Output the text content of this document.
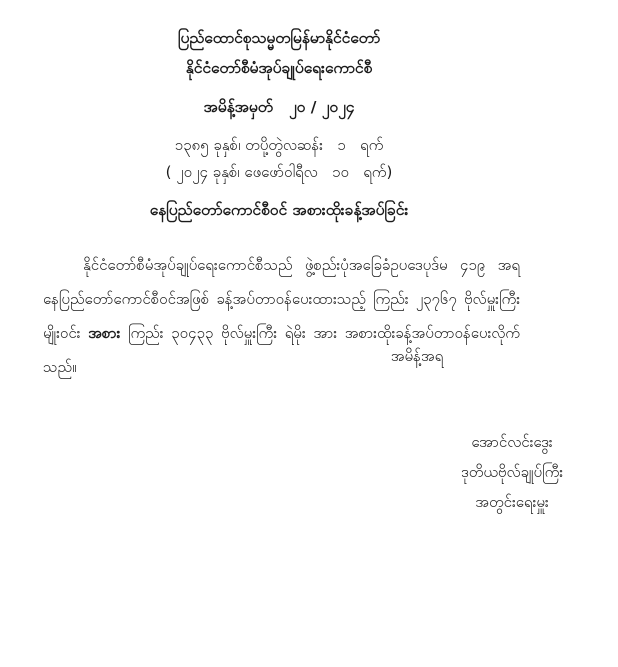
ပြည်ထောင်စုသမ္မတမြန်မာနိုင်ငံတော်
နိုင်ငံတော်စီမံအုပ်ချုပ်ရေးကောင်စီ
အမိန့်အမှတ်   ၂၀ / ၂၀၂၄
၁၃၈၅ ခုနှစ်၊ တပို့တွဲလဆန်း   ၁   ရက်
( ၂၀၂၄ ခုနှစ်၊ ဖေဖော်ဝါရီလ   ၁၀   ရက်)
နေပြည်တော်ကောင်စီဝင် အစားထိုးခန့်အပ်ခြင်း

နိုင်ငံတော်စီမံအုပ်ချုပ်ရေးကောင်စီသည် ဖွဲ့စည်းပုံအခြေခံဥပဒေပုဒ်မ ၄၁၉ အရ နေပြည်တော်ကောင်စီဝင်အဖြစ် ခန့်အပ်တာဝန်ပေးထားသည့် ကြည်း ၂၃၇၆၇ ဗိုလ်မှူးကြီး မျိုးဝင်း အစား ကြည်း ၃၀၄၃၃ ဗိုလ်မှူးကြီး ရဲမိုး အား အစားထိုးခန့်အပ်တာဝန်ပေးလိုက်သည်။

အမိန့်အရ
အောင်လင်းဒွေး
ဒုတိယဗိုလ်ချုပ်ကြီး
အတွင်းရေးမှူး
